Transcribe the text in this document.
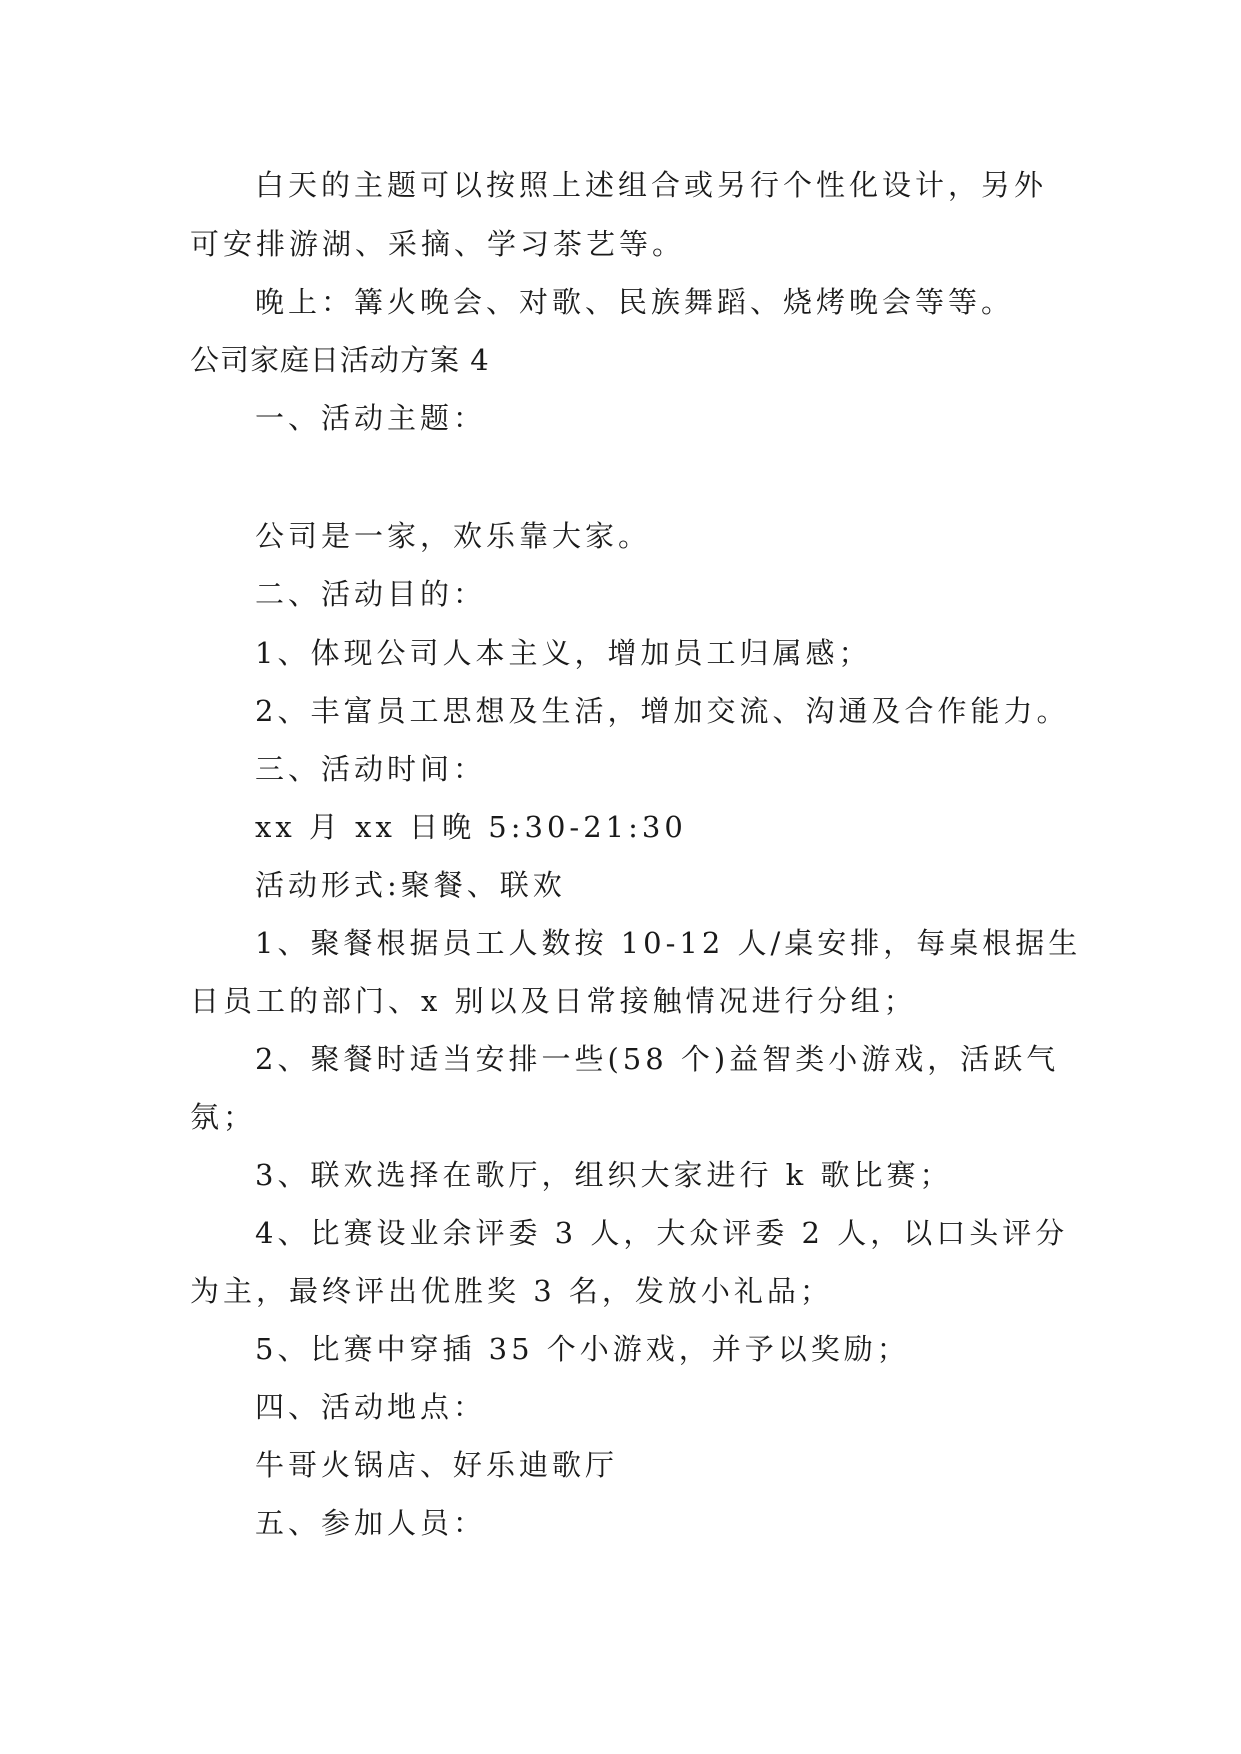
白天的主题可以按照上述组合或另行个性化设计，另外
可安排游湖、采摘、学习茶艺等。
晚上：篝火晚会、对歌、民族舞蹈、烧烤晚会等等。
公司家庭日活动方案 4
一、活动主题：
公司是一家，欢乐靠大家。
二、活动目的：
1、体现公司人本主义，增加员工归属感；
2、丰富员工思想及生活，增加交流、沟通及合作能力。
三、活动时间：
xx 月 xx 日晚 5:30-21:30
活动形式:聚餐、联欢
1、聚餐根据员工人数按 10-12 人/桌安排，每桌根据生
日员工的部门、x 别以及日常接触情况进行分组；
2、聚餐时适当安排一些(58 个)益智类小游戏，活跃气
氛；
3、联欢选择在歌厅，组织大家进行 k 歌比赛；
4、比赛设业余评委 3 人，大众评委 2 人，以口头评分
为主，最终评出优胜奖 3 名，发放小礼品；
5、比赛中穿插 35 个小游戏，并予以奖励；
四、活动地点：
牛哥火锅店、好乐迪歌厅
五、参加人员：
